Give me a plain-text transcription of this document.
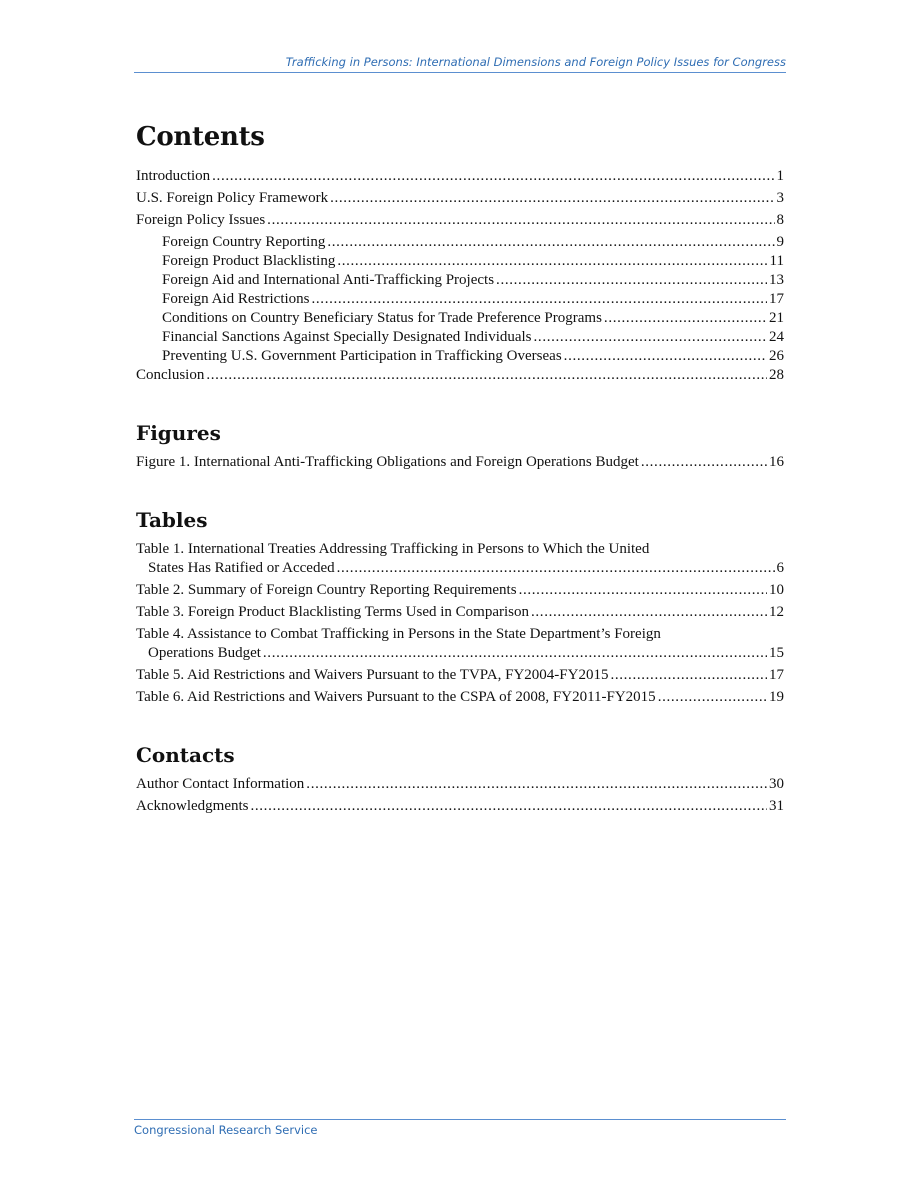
Trafficking in Persons: International Dimensions and Foreign Policy Issues for Congress
Contents
Introduction . . .	1
U.S. Foreign Policy Framework . . .	3
Foreign Policy Issues . . .	8
Foreign Country Reporting . . .	9
Foreign Product Blacklisting . . .	11
Foreign Aid and International Anti-Trafficking Projects . . .	13
Foreign Aid Restrictions . . .	17
Conditions on Country Beneficiary Status for Trade Preference Programs . . .	21
Financial Sanctions Against Specially Designated Individuals . . .	24
Preventing U.S. Government Participation in Trafficking Overseas . . .	26
Conclusion . . .	28
Figures
Figure 1. International Anti-Trafficking Obligations and Foreign Operations Budget . . .	16
Tables
Table 1. International Treaties Addressing Trafficking in Persons to Which the United
States Has Ratified or Acceded . . .	6
Table 2. Summary of Foreign Country Reporting Requirements . . .	10
Table 3. Foreign Product Blacklisting Terms Used in Comparison . . .	12
Table 4. Assistance to Combat Trafficking in Persons in the State Department’s Foreign
Operations Budget . . .	15
Table 5. Aid Restrictions and Waivers Pursuant to the TVPA, FY2004-FY2015 . . .	17
Table 6. Aid Restrictions and Waivers Pursuant to the CSPA of 2008, FY2011-FY2015 . . .	19
Contacts
Author Contact Information . . .	30
Acknowledgments . . .	31
Congressional Research Service
